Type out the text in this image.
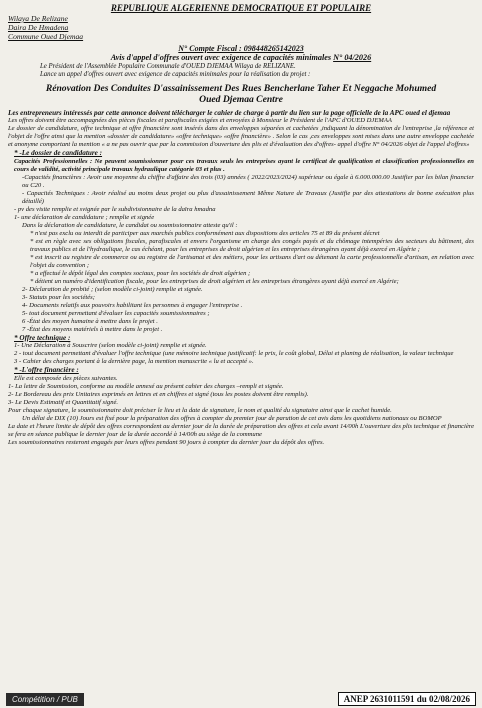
REPUBLIQUE ALGERIENNE DEMOCRATIQUE ET POPULAIRE
Wilaya De Relizane
Daira De Hmadena
Commune Oued Djemaa
N° Compte Fiscal : 098448265142023
Avis d'appel d'offres ouvert avec exigence de capacités minimales N° 04/2026
Le Président de l'Assemblée Populaire Communale d'OUED DJEMAA Wilaya de RELIZANE.
Lance un appel d'offres ouvert avec exigence de capacités minimales pour la réalisation du projet :
Rénovation Des Conduites D'assainissement Des Rues Bencherlane Taher Et Neggache Mohumed
Oued Djemaa Centre

Les entrepreneurs intéressés par cette annonce doivent télécharger le cahier de charge à partir du lien sur la page officielle de la APC oued el djemaa

Les offres doivent être accompagnées des pièces fiscales et parafiscales exigées et envoyées à Monsieur le Président de l'APC d'OUED DJEMAA

Le dossier de candidature, offre technique et offre financière sont insérés dans des enveloppes séparées et cachetées ,indiquant la dénomination de l'entreprise ,la référence et l'objet de l'offre ainsi que la mention «dossier de candidature» «offre technique» «offre financière» . Selon le cas ,ces enveloppes sont mises dans une autre enveloppe cachetée et anonyme comportant la mention « a ne pas ouvrir que par la commission d'ouverture des plis et d'évaluation des d'offres- appel d'offre N° 04/2026 objet de l'appel d'offres»

* -Le dossier de candidature :

Capacités Professionnelles : Ne peuvent soumissionner pour ces travaux seuls les entreprises ayant le certificat de qualification et classification professionnelles en cours de validité, activité principale travaux hydraulique catégorie 03 et plus .

-Capacités financières : Avoir une moyenne du chiffre d'affaire des trois (03) années ( 2022/2023/2024) supérieur ou égale à 6.000.000.00 Justifier par les bilan financier ou C20 .

- Capacités Techniques : Avoir réalisé au moins deux projet ou plus d'assainissement Même Nature de Travaux (Justifie par des attestations de bonne exécution plus détaillé)

- pv des visite remplie et svignée par le subdivisionnaire de la daïra hmadna

1- une déclaration de candidature ; remplie et signée

Dans la déclaration de candidature, le candidat ou soumissionnaire atteste qu'il :

* n'est pas exclu ou interdit de participer aux marchés publics conformément aux dispositions des articles 75 et 89 du présent décret

* est en règle avec ses obligations fiscales, parafiscales et envers l'organisme en charge des congés payés et du chômage intempéries des secteurs du bâtiment, des travaux publics et de l'hydraulique, le cas échéant, pour les entreprises de droit algérien et les entreprises étrangères ayant déjà exercé en Algérie ;

* est inscrit au registre de commerce ou au registre de l'artisanat et des métiers, pour les artisans d'art ou détenant la carte professionnelle d'artisan, en relation avec l'objet du convention ;

* a effectué le dépôt légal des comptes sociaux, pour les sociétés de droit algérien ;

* détient un numéro d'identification fiscale, pour les entreprises de droit algérien et les entreprises étrangères ayant déjà exercé en Algérie;

2- Déclaration de probité ; (selon modèle ci-joint) remplie et signée.

3- Statuts pour les sociétés;

4- Documents relatifs aux pouvoirs habilitant les personnes à engager l'entreprise .

5- tout document permettant d'évaluer les capacités soumissionnaires ;

6 -État des moyen humaine à mettre dans le projet .

7 -État des moyens matériels à mettre dans le projet .

* Offre technique :

1- Une Déclaration à Souscrire (selon modèle ci-joint) remplie et signée.

2 - tout document permettant d'évaluer l'offre technique (une mémoire technique justificatif: le prix, le coût global, Délai et planing de réalisation, la valeur technique

3 - Cahier des charges portant à la dernière page, la mention manuscrite « lu et accepté ».

* -L'offre financière :

Elle est composée des pièces suivantes.

1- La lettre de Soumission, conforme au modèle annexé au présent cahier des charges –rempli et signée.

2- Le Bordereau des prix Unitaires exprimés en lettres et en chiffres et signé (tous les postes doivent être remplis).

3- Le Devis Estimatif et Quantitatif signé.

Pour chaque signature, le soumissionnaire doit préciser le lieu et la date de signature, le nom et qualité du signataire ainsi que le cachet humide.

Un délai de DIX (10) Jours est fixé pour la préparation des offres à compter du premier jour de parution de cet avis dans les quotidiens nationaux ou BOMOP

La date et l'heure limite de dépôt des offres correspondent au dernier jour de la durée de préparation des offres et cela avant 14/00h L'ouverture des plis technique et financière se fera en séance publique le dernier jour de la durée accordé à 14/00h au siège de la commune

Les soumissionnaires resteront engagés par leurs offres pendant 90 jours à compter du dernier jour du dépôt des offres.

Compétition / PUB	ANEP 2631011591 du 02/08/2026
